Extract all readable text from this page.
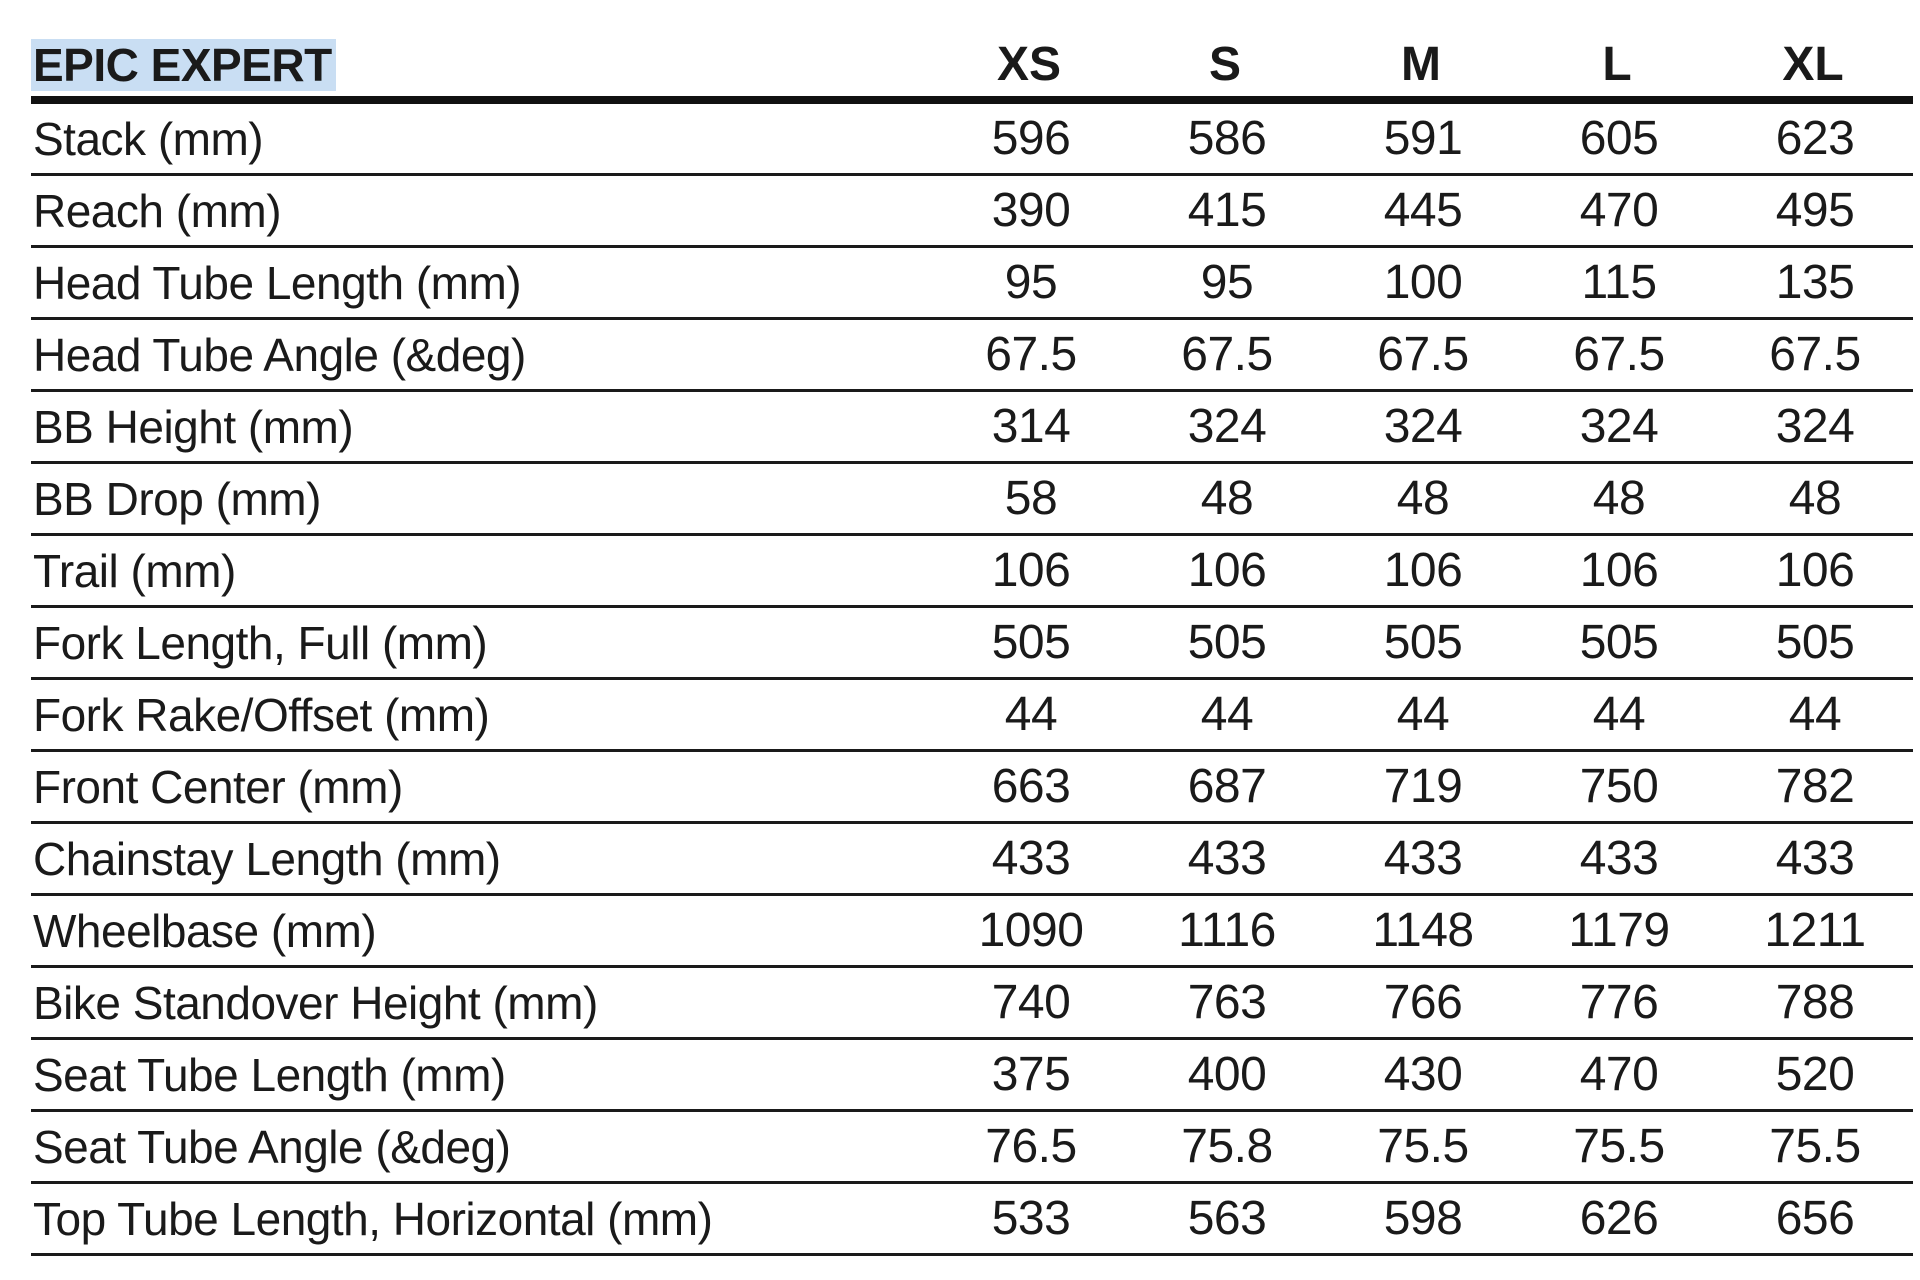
EPIC EXPERT	XS	S	M	L	XL
Stack (mm)	596	586	591	605	623
Reach (mm)	390	415	445	470	495
Head Tube Length (mm)	95	95	100	115	135
Head Tube Angle (&deg)	67.5	67.5	67.5	67.5	67.5
BB Height (mm)	314	324	324	324	324
BB Drop (mm)	58	48	48	48	48
Trail (mm)	106	106	106	106	106
Fork Length, Full (mm)	505	505	505	505	505
Fork Rake/Offset (mm)	44	44	44	44	44
Front Center (mm)	663	687	719	750	782
Chainstay Length (mm)	433	433	433	433	433
Wheelbase (mm)	1090	1116	1148	1179	1211
Bike Standover Height (mm)	740	763	766	776	788
Seat Tube Length (mm)	375	400	430	470	520
Seat Tube Angle (&deg)	76.5	75.8	75.5	75.5	75.5
Top Tube Length, Horizontal (mm)	533	563	598	626	656
